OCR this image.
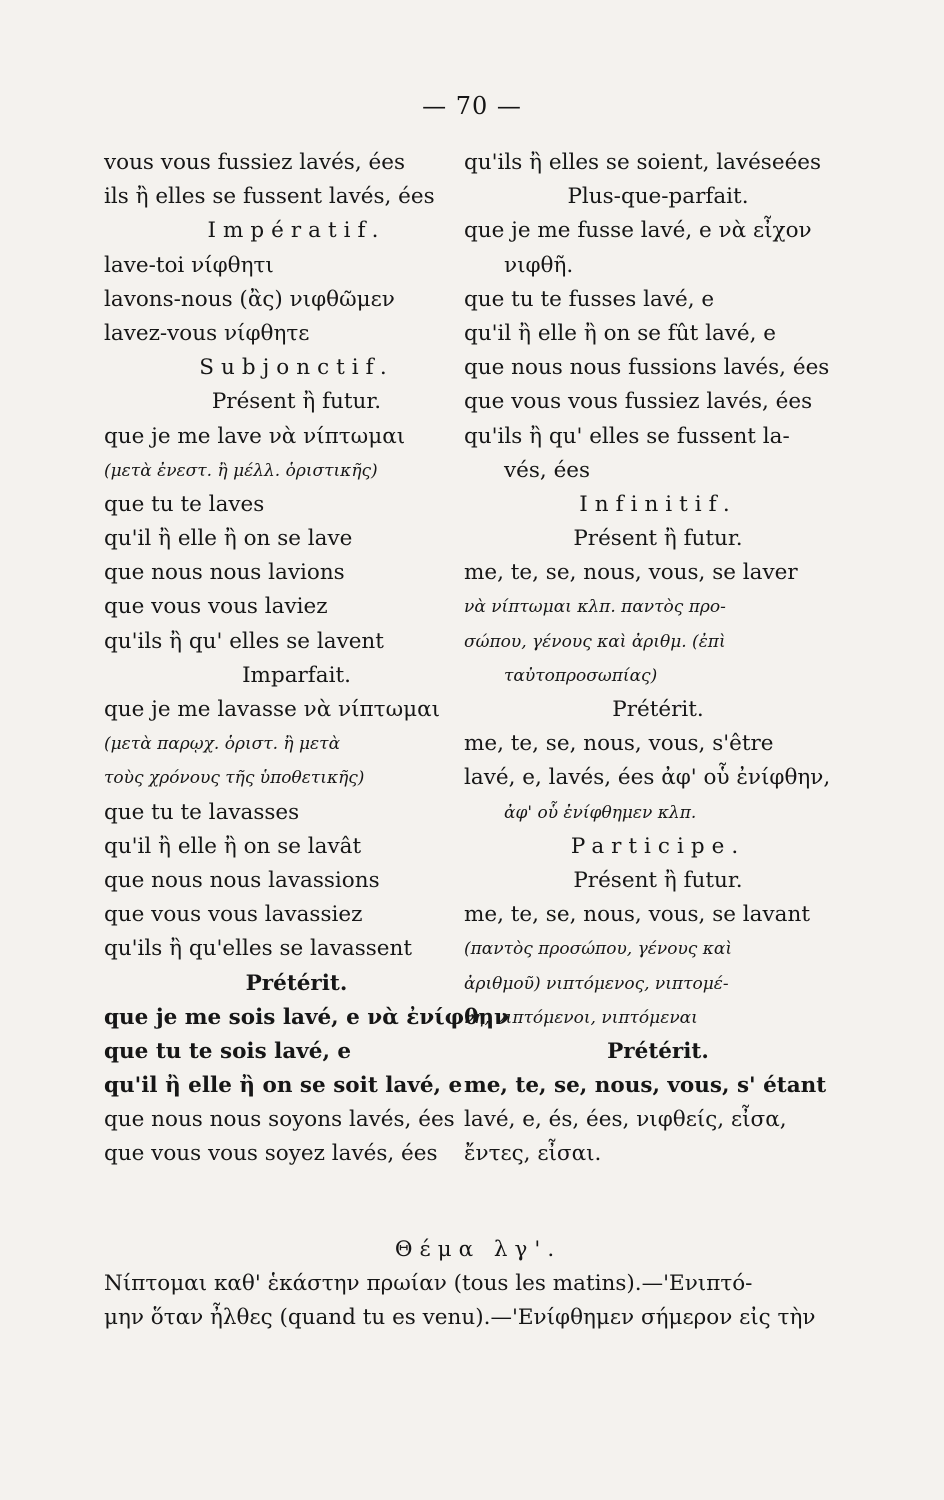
— 70 —
vous vous fussiez lavés, ées
ils ἢ elles se fussent lavés, ées
Impératif.
lave-toi νίφθητι
lavons-nous (ἂς) νιφθῶμεν
lavez-vous νίφθητε
Subjonctif.
Présent ἢ futur.
que je me lave νὰ νίπτωμαι
(μετὰ ἐνεστ. ἢ μέλλ. ὁριστικῆς)
que tu te laves
qu'il ἢ elle ἢ on se lave
que nous nous lavions
que vous vous laviez
qu'ils ἢ qu' elles se lavent
Imparfait.
que je me lavasse νὰ νίπτωμαι
(μετὰ παρῳχ. ὁριστ. ἢ μετὰ
τοὺς χρόνους τῆς ὑποθετικῆς)
que tu te lavasses
qu'il ἢ elle ἢ on se lavât
que nous nous lavassions
que vous vous lavassiez
qu'ils ἢ qu'elles se lavassent
Prétérit.
que je me sois lavé, e νὰ ἐνίφθην
que tu te sois lavé, e
qu'il ἢ elle ἢ on se soit lavé, e
que nous nous soyons lavés, ées
que vous vous soyez lavés, ées
qu'ils ἢ elles se soient, lavéseées
Plus-que-parfait.
que je me fusse lavé, e νὰ εἶχον
νιφθῆ.
que tu te fusses lavé, e
qu'il ἢ elle ἢ on se fût lavé, e
que nous nous fussions lavés, ées
que vous vous fussiez lavés, ées
qu'ils ἢ qu' elles se fussent la-
vés, ées
Infinitif.
Présent ἢ futur.
me, te, se, nous, vous, se laver
νὰ νίπτωμαι κλπ. παντὸς προ-
σώπου, γένους καὶ ἀριθμ. (ἐπὶ
ταὐτοπροσωπίας)
Prétérit.
me, te, se, nous, vous, s'être
lavé, e, lavés, ées ἀφ' οὗ ἐνίφθην,
ἀφ' οὗ ἐνίφθημεν κλπ.
Participe.
Présent ἢ futur.
me, te, se, nous, vous, se lavant
(παντὸς προσώπου, γένους καὶ
ἀριθμοῦ) νιπτόμενος, νιπτομέ-
νη, νιπτόμενοι, νιπτόμεναι
Prétérit.
me, te, se, nous, vous, s' étant
lavé, e, és, ées, νιφθείς, εἶσα,
ἔντες, εἶσαι.
Θέμα λγ'.
Νίπτομαι καθ' ἑκάστην πρωίαν (tous les matins).—'Ενιπτό-
μην ὅταν ἦλθες (quand tu es venu).—'Ενίφθημεν σήμερον εἰς τὴν
